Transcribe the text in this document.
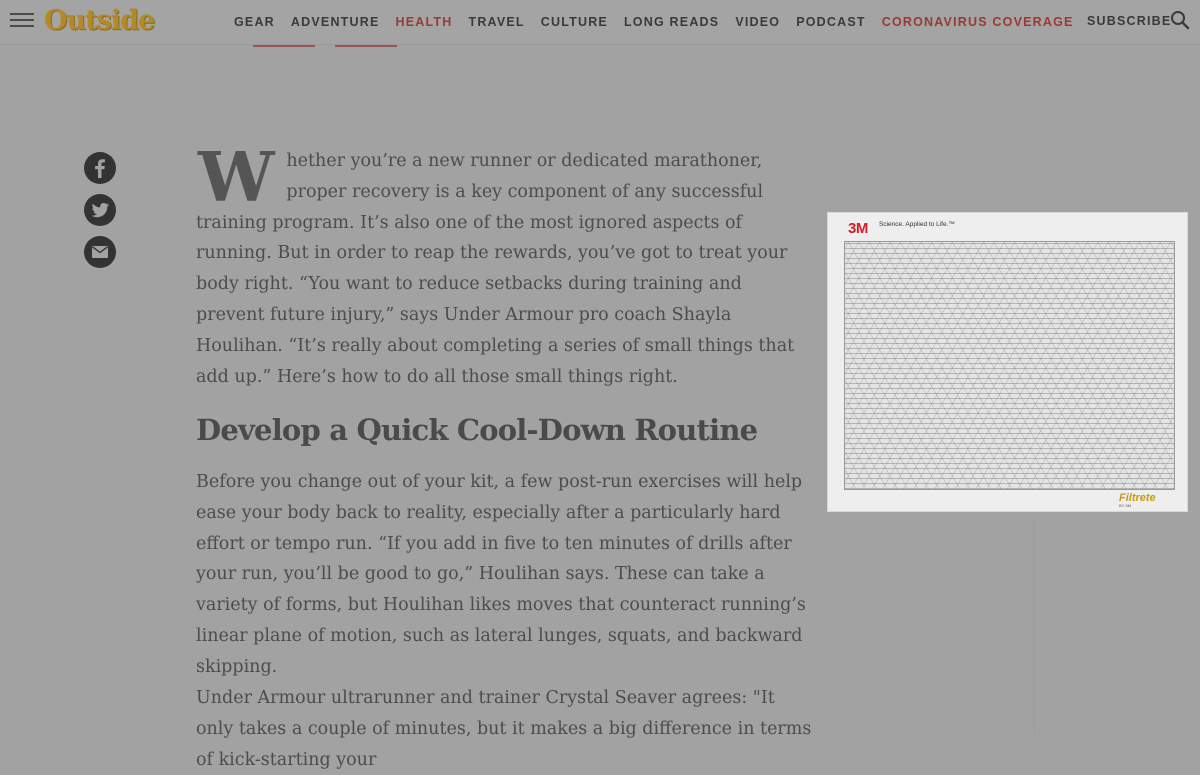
Outside	GEAR ADVENTURE HEALTH TRAVEL CULTURE LONG READS VIDEO PODCAST CORONAVIRUS COVERAGE SUBSCRIBE
Whether you’re a new runner or dedicated marathoner, proper recovery is a key component of any successful training program. It’s also one of the most ignored aspects of running. But in order to reap the rewards, you’ve got to treat your body right. “You want to reduce setbacks during training and prevent future injury,” says Under Armour pro coach Shayla Houlihan. “It’s really about completing a series of small things that add up.” Here’s how to do all those small things right.
Develop a Quick Cool-Down Routine

Before you change out of your kit, a few post-run exercises will help ease your body back to reality, especially after a particularly hard effort or tempo run. “If you add in five to ten minutes of drills after your run, you’ll be good to go,” Houlihan says. These can take a variety of forms, but Houlihan likes moves that counteract running’s linear plane of motion, such as lateral lunges, squats, and backward skipping.

Under Armour ultrarunner and trainer Crystal Seaver agrees: "It only takes a couple of minutes, but it makes a big difference in terms of kick-starting your

3M Science. Applied to Life.™
Filtrete
BY 3M
